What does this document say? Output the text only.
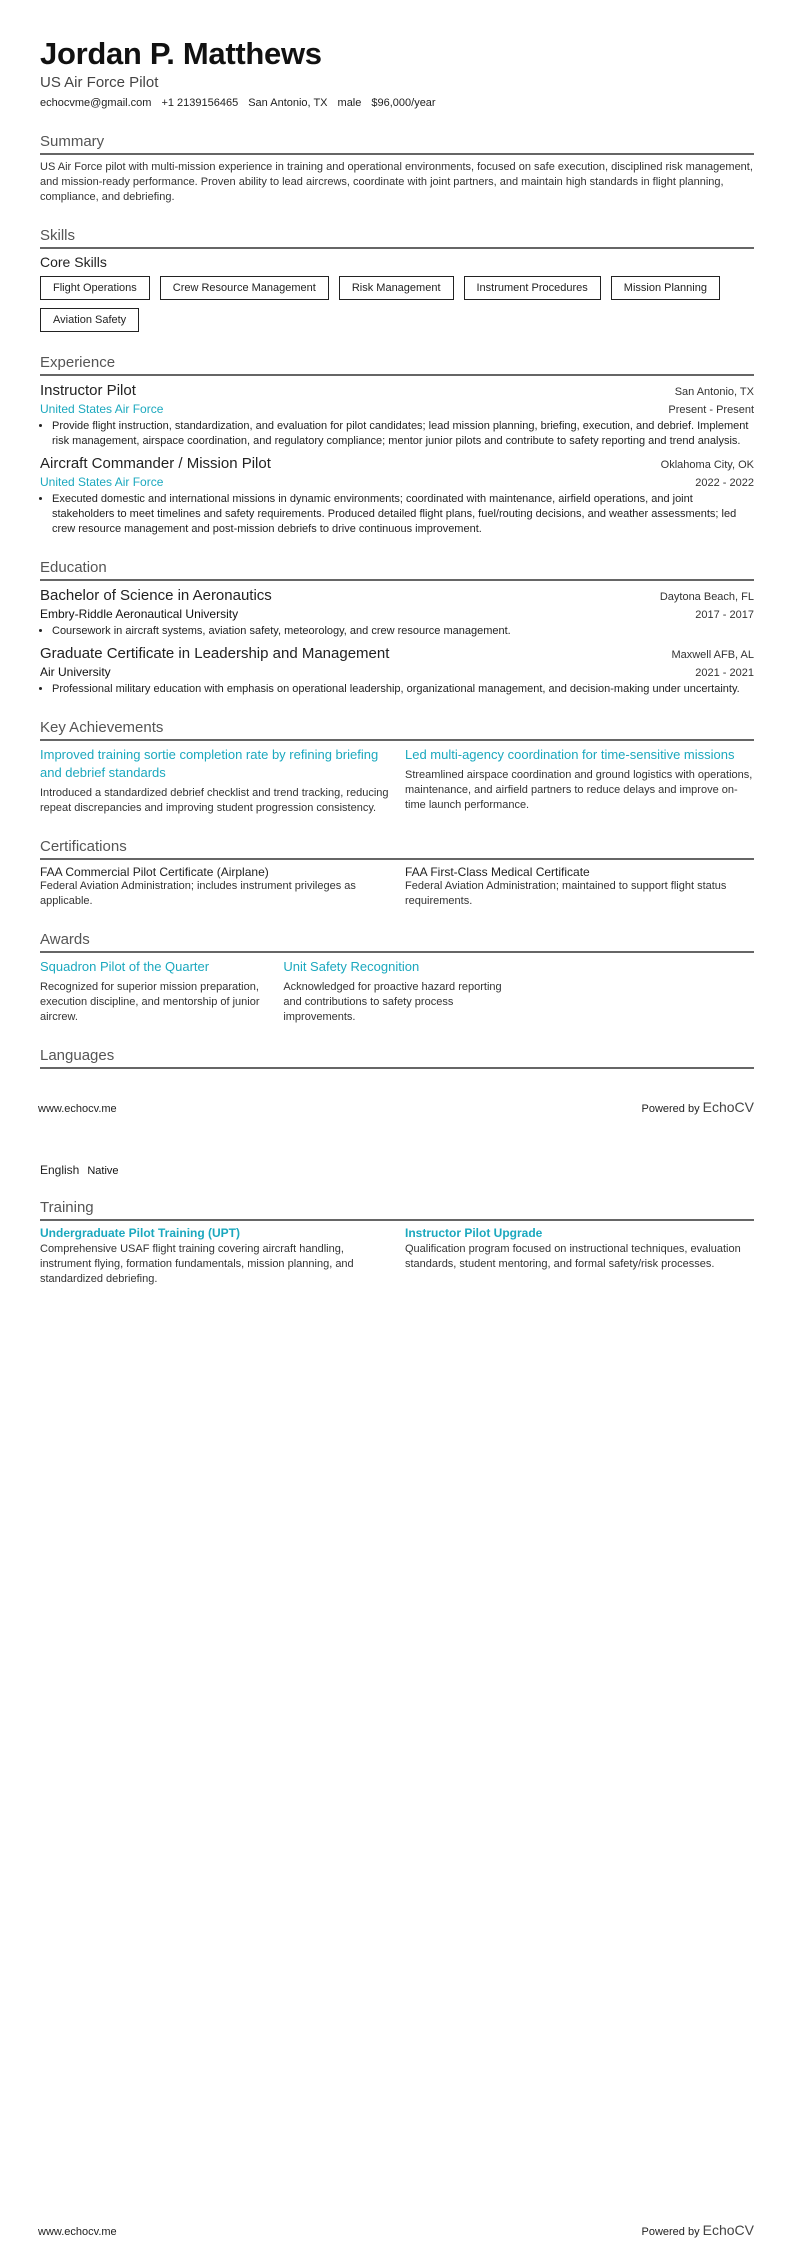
Jordan P. Matthews
US Air Force Pilot
echocvme@gmail.com +1 2139156465 San Antonio, TX male $96,000/year
Summary
US Air Force pilot with multi-mission experience in training and operational environments, focused on safe execution, disciplined risk management, and mission-ready performance. Proven ability to lead aircrews, coordinate with joint partners, and maintain high standards in flight planning, compliance, and debriefing.
Skills
Core Skills
Flight Operations	Crew Resource Management	Risk Management	Instrument Procedures	Mission Planning
Aviation Safety
Experience
Instructor Pilot	San Antonio, TX
United States Air Force	Present - Present
• Provide flight instruction, standardization, and evaluation for pilot candidates; lead mission planning, briefing, execution, and debrief. Implement risk management, airspace coordination, and regulatory compliance; mentor junior pilots and contribute to safety reporting and trend analysis.
Aircraft Commander / Mission Pilot	Oklahoma City, OK
United States Air Force	2022 - 2022
• Executed domestic and international missions in dynamic environments; coordinated with maintenance, airfield operations, and joint stakeholders to meet timelines and safety requirements. Produced detailed flight plans, fuel/routing decisions, and weather assessments; led crew resource management and post-mission debriefs to drive continuous improvement.
Education
Bachelor of Science in Aeronautics	Daytona Beach, FL
Embry-Riddle Aeronautical University	2017 - 2017
• Coursework in aircraft systems, aviation safety, meteorology, and crew resource management.
Graduate Certificate in Leadership and Management	Maxwell AFB, AL
Air University	2021 - 2021
• Professional military education with emphasis on operational leadership, organizational management, and decision-making under uncertainty.
Key Achievements
Improved training sortie completion rate by refining briefing and debrief standards
Introduced a standardized debrief checklist and trend tracking, reducing repeat discrepancies and improving student progression consistency.
Led multi-agency coordination for time-sensitive missions
Streamlined airspace coordination and ground logistics with operations, maintenance, and airfield partners to reduce delays and improve on-time launch performance.
Certifications
FAA Commercial Pilot Certificate (Airplane)
Federal Aviation Administration; includes instrument privileges as applicable.
FAA First-Class Medical Certificate
Federal Aviation Administration; maintained to support flight status requirements.
Awards
Squadron Pilot of the Quarter
Recognized for superior mission preparation, execution discipline, and mentorship of junior aircrew.
Unit Safety Recognition
Acknowledged for proactive hazard reporting and contributions to safety process improvements.
Languages
www.echocv.me	Powered by EchoCV
English Native
Training
Undergraduate Pilot Training (UPT)
Comprehensive USAF flight training covering aircraft handling, instrument flying, formation fundamentals, mission planning, and standardized debriefing.
Instructor Pilot Upgrade
Qualification program focused on instructional techniques, evaluation standards, student mentoring, and formal safety/risk processes.
www.echocv.me	Powered by EchoCV
